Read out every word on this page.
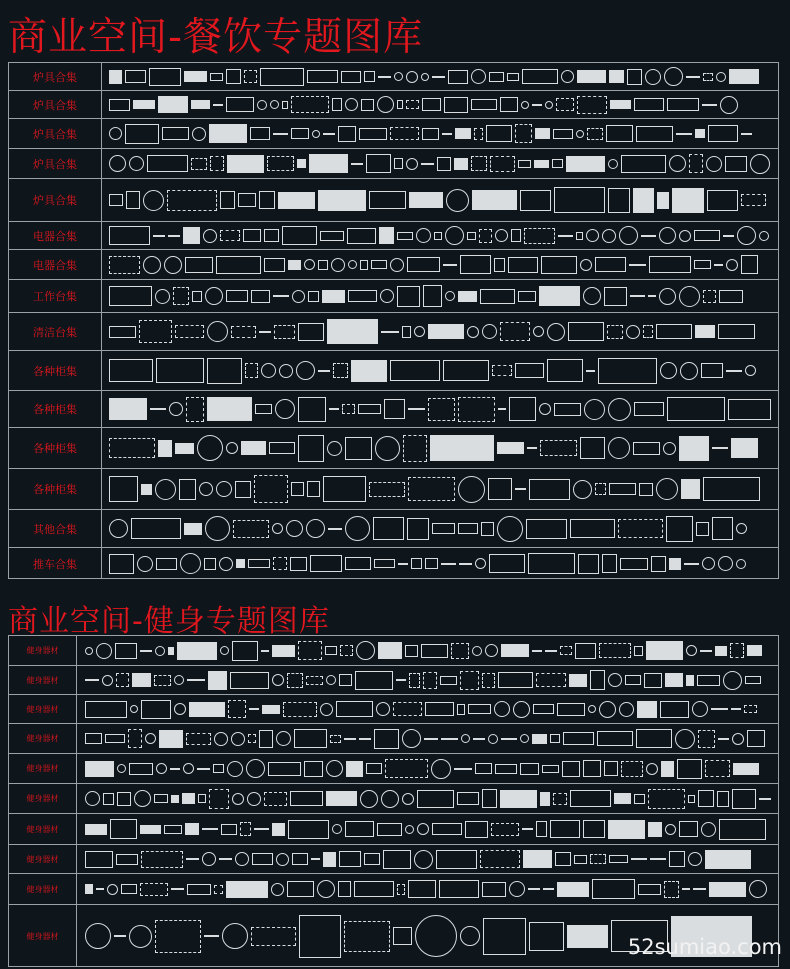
商业空间-餐饮专题图库
炉具合集
炉具合集
炉具合集
炉具合集
炉具合集
电器合集
电器合集
工作台集
清洁台集
各种柜集
各种柜集
各种柜集
各种柜集
其他合集
推车合集
商业空间-健身专题图库
健身器材
健身器材
健身器材
健身器材
健身器材
健身器材
健身器材
健身器材
健身器材
健身器材	52sumiao.com
